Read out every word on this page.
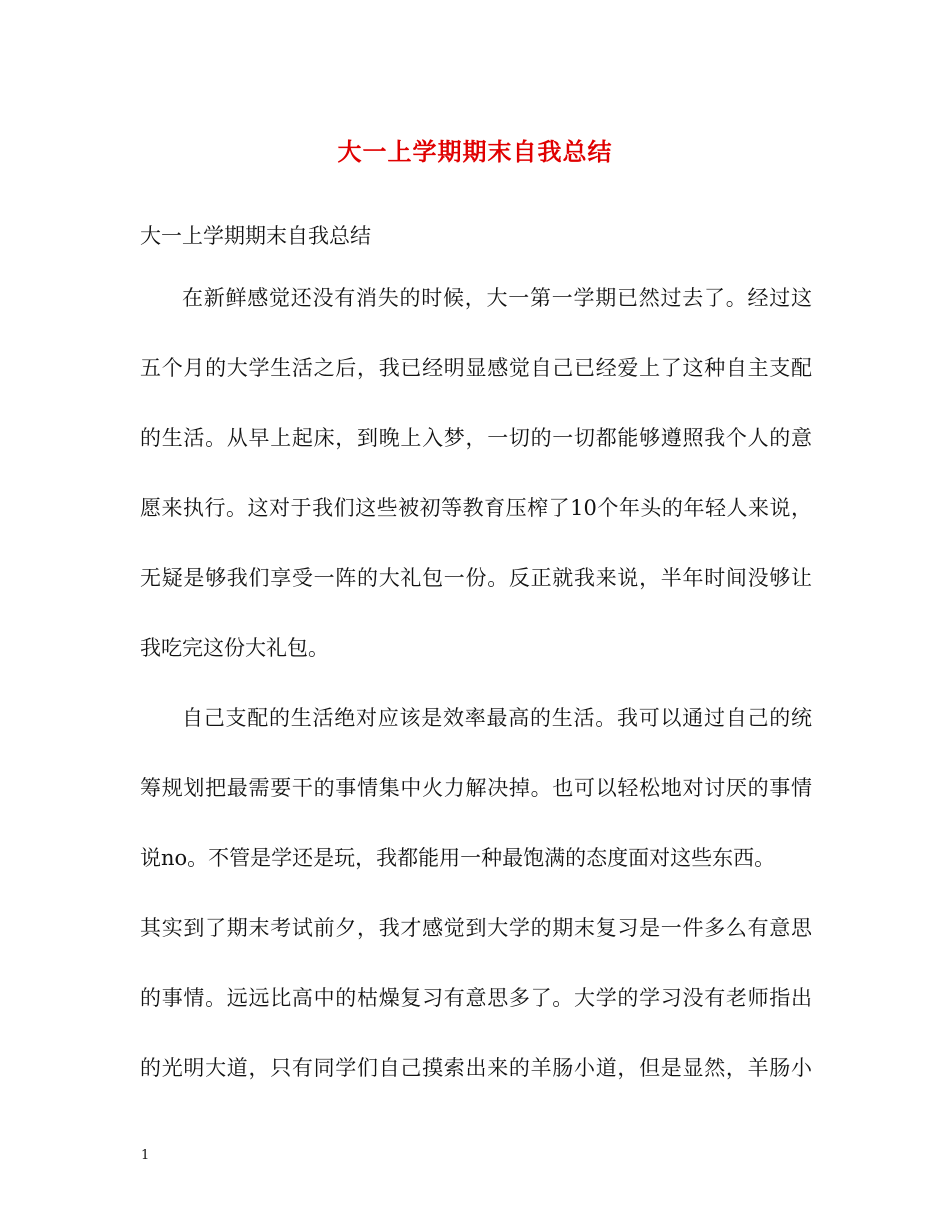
大一上学期期末自我总结
大一上学期期末自我总结
在新鲜感觉还没有消失的时候，大一第一学期已然过去了。经过这
五个月的大学生活之后，我已经明显感觉自己已经爱上了这种自主支配
的生活。从早上起床，到晚上入梦，一切的一切都能够遵照我个人的意
愿来执行。这对于我们这些被初等教育压榨了10个年头的年轻人来说，
无疑是够我们享受一阵的大礼包一份。反正就我来说，半年时间没够让
我吃完这份大礼包。
自己支配的生活绝对应该是效率最高的生活。我可以通过自己的统
筹规划把最需要干的事情集中火力解决掉。也可以轻松地对讨厌的事情
说no。不管是学还是玩，我都能用一种最饱满的态度面对这些东西。
其实到了期末考试前夕，我才感觉到大学的期末复习是一件多么有意思
的事情。远远比高中的枯燥复习有意思多了。大学的学习没有老师指出
的光明大道，只有同学们自己摸索出来的羊肠小道，但是显然，羊肠小
1
